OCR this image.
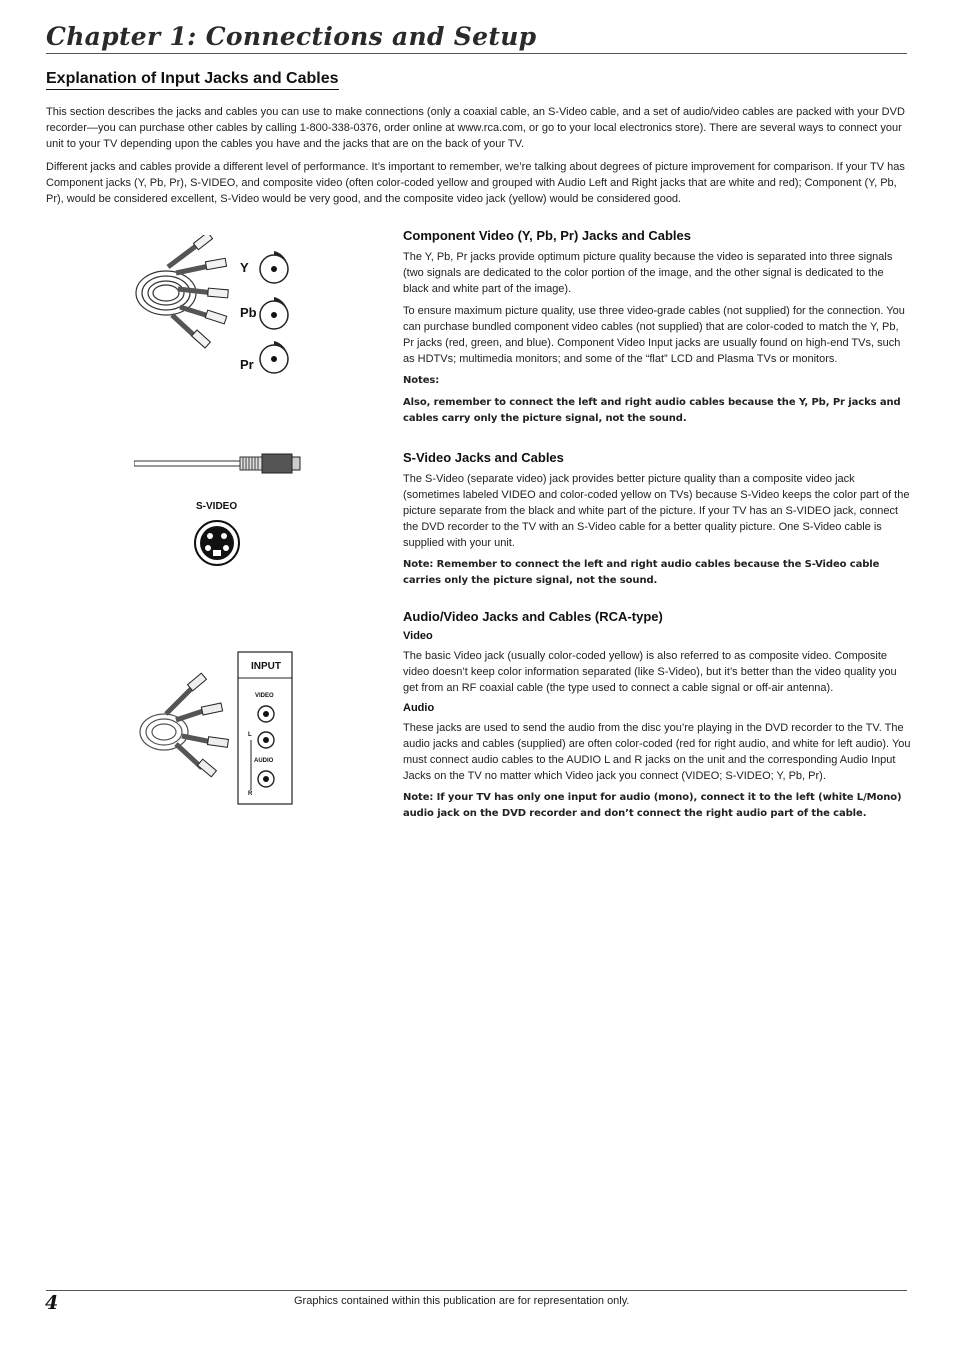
Chapter 1: Connections and Setup
Explanation of Input Jacks and Cables

This section describes the jacks and cables you can use to make connections (only a coaxial cable, an S-Video cable, and a set of audio/video cables are packed with your DVD recorder—you can purchase other cables by calling 1-800-338-0376, order online at www.rca.com, or go to your local electronics store). There are several ways to connect your unit to your TV depending upon the cables you have and the jacks that are on the back of your TV.

Different jacks and cables provide a different level of performance. It’s important to remember, we’re talking about degrees of picture improvement for comparison. If your TV has Component jacks (Y, Pb, Pr), S-VIDEO, and composite video (often color-coded yellow and grouped with Audio Left and Right jacks that are white and red); Component (Y, Pb, Pr), would be considered excellent, S-Video would be very good, and the composite video jack (yellow) would be considered good.

Y
Pb
Pr
S-VIDEO
INPUT
VIDEO
L
AUDIO
R
Component Video (Y, Pb, Pr) Jacks and Cables

The Y, Pb, Pr jacks provide optimum picture quality because the video is separated into three signals (two signals are dedicated to the color portion of the image, and the other signal is dedicated to the black and white part of the image).

To ensure maximum picture quality, use three video-grade cables (not supplied) for the connection. You can purchase bundled component video cables (not supplied) that are color-coded to match the Y, Pb, Pr jacks (red, green, and blue). Component Video Input jacks are usually found on high-end TVs, such as HDTVs; multimedia monitors; and some of the “flat” LCD and Plasma TVs or monitors.

Notes:

Also, remember to connect the left and right audio cables because the Y, Pb, Pr jacks and cables carry only the picture signal, not the sound.

S-Video Jacks and Cables

The S-Video (separate video) jack provides better picture quality than a composite video jack (sometimes labeled VIDEO and color-coded yellow on TVs) because S-Video keeps the color part of the picture separate from the black and white part of the picture. If your TV has an S-VIDEO jack, connect the DVD recorder to the TV with an S-Video cable for a better quality picture. One S-Video cable is supplied with your unit.

Note: Remember to connect the left and right audio cables because the S-Video cable carries only the picture signal, not the sound.

Audio/Video Jacks and Cables (RCA-type)
Video

The basic Video jack (usually color-coded yellow) is also referred to as composite video. Composite video doesn’t keep color information separated (like S-Video), but it’s better than the video quality you get from an RF coaxial cable (the type used to connect a cable signal or off-air antenna).

Audio

These jacks are used to send the audio from the disc you’re playing in the DVD recorder to the TV. The audio jacks and cables (supplied) are often color-coded (red for right audio, and white for left audio). You must connect audio cables to the AUDIO L and R jacks on the unit and the corresponding Audio Input Jacks on the TV no matter which Video jack you connect (VIDEO; S-VIDEO; Y, Pb, Pr).

Note: If your TV has only one input for audio (mono), connect it to the left (white L/Mono) audio jack on the DVD recorder and don’t connect the right audio part of the cable.

4	Graphics contained within this publication are for representation only.
